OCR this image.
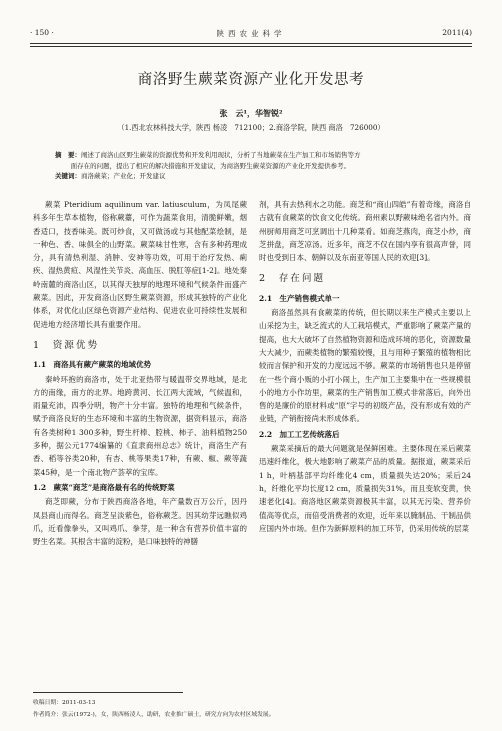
· 150 ·	陕西农业科学	2011(4)
商洛野生蕨菜资源产业化开发思考
张　云¹，华智锐²
（1.西北农林科技大学，陕西 杨凌　712100；2.商洛学院，陕西 商洛　726000）
摘　要：阐述了商洛山区野生蕨菜的资源优势和开发利用现状，分析了当地蕨菜在生产加工和市场销售等方
面存在的问题，提出了相应的解决措施和开发建议，为商洛野生蕨菜资源的产业化开发提供参考。
关键词：商洛蕨菜；产业化；开发建议

蕨菜 Pteridium aquilinum var. latiusculum，为凤尾蕨科多年生草本植物，俗称蕨薹，可作为蔬菜食用，清脆鲜嫩，烟香适口，技香味美。既可炒食，又可做汤或与其他配菜烩制，是一种色、香、味俱全的山野菜。蕨菜味甘性寒，含有多种药理成分，具有清热利湿、消肿、安神等功效，可用于治疗发热、痢疾、湿热黄疸、风湿性关节炎、高血压、脱肛等症[1-2]。地处秦岭南麓的商洛山区，以其得天独厚的地理环境和气候条件而盛产蕨菜。因此，开发商洛山区野生蕨菜资源，形成其独特的产业化体系，对优化山区绿色资源产业结构、促进农业可持续性发展和促进地方经济增长具有重要作用。

1　资源优势
1.1　商洛具有蕨产蕨菜的地域优势

秦岭环抱的商洛市，处于北亚热带与暖温带交界地域，是北方的南缘，南方的北界。地跨黄河、长江两大流域，气候温和，雨量充沛，四季分明，物产十分丰富。独特的地理和气候条件，赋予商洛良好的生态环境和丰富的生物资源，据资料显示，商洛有各类树种1 300多种，野生杆棒、腔桃、柿子、油料植物250多种，据公元1774编纂的《直隶商州总志》统计，商洛生产有香、稻等谷类20种，有杏、桃等果类17种，有蕨、椒、蕨等蔬菜45种，是一个南北物产荟萃的宝库。

1.2　蕨菜“商芝”是商洛最有名的传统野菜

商芝即蕨，分布于陕西商洛各地，年产量数百万公斤，因丹凤县商山而得名。商芝呈淡紫色，俗称蕨芝。因其幼芽远瞧似鸡爪，近看像拳头，又叫鸡爪、拳芽，是一种含有营养价值丰富的野生名菜。其根含丰富的淀粉，是口味独特的神膳

剂，具有去热利水之功能。商芝和“商山四皓”有着奇缘，商洛自古就有食蕨菜的饮食文化传统。商州素以野蕨味绝名省内外。商州厨师用商芝可烹调出十几种菜肴。如商芝燕肉，商芝小炒，商芝拼盘，商芝凉汤。近多年，商芝不仅在国内享有很高声誉，同时也受到日本、朝鲜以及东南亚等国人民的欢迎[3]。

2　存在问题
2.1　生产销售模式单一

商洛虽然具有食蕨菜的传统，但长期以来生产模式主要以上山采挖为主，缺乏流式的人工栽培模式，严重影响了蕨菜产量的提高，也大大破坏了自然植物资源和造成环境的恶化，资源数量大大减少，而蕨类植物的繁殖较慢，且与用种子繁殖的植物相比较而言保护和开发的力度远远不够。蕨菜的市场销售也只是停留在一些个商小贩的小打小闹上，生产加工主要集中在一些规模很小的地方小作坊里，蕨菜的生产销售加工模式非常落后，向外出售的是廉价的原材料或“原”字号的初级产品，没有形成有效的产业链，产销衔接尚未形成体系。

2.2　加工工艺传统落后

蕨菜采摘后的最大问题就是保鲜困难。主要体现在采后蕨菜迅速纤维化，极大地影响了蕨菜产品的质量。据报道，蕨菜采后1 h，叶柄基部平均纤维化4 cm，质量损失达20%；采后24 h，纤维化平均长度12 cm，质量损失31%，而且变软变黄，快速老化[4]。商洛地区蕨菜资源极其丰富，以其无污染、营养价值高等优点，而倍受消费者的欢迎，近年来以腌制品、干制品供应国内外市场。但作为新鲜原料的加工环节，仍采用传统的层菜

收稿日期：2011-03-13
作者简介：张云(1972-)，女，陕西杨凌人，助研，农业推广硕士，研究方向为农村区域发展。
